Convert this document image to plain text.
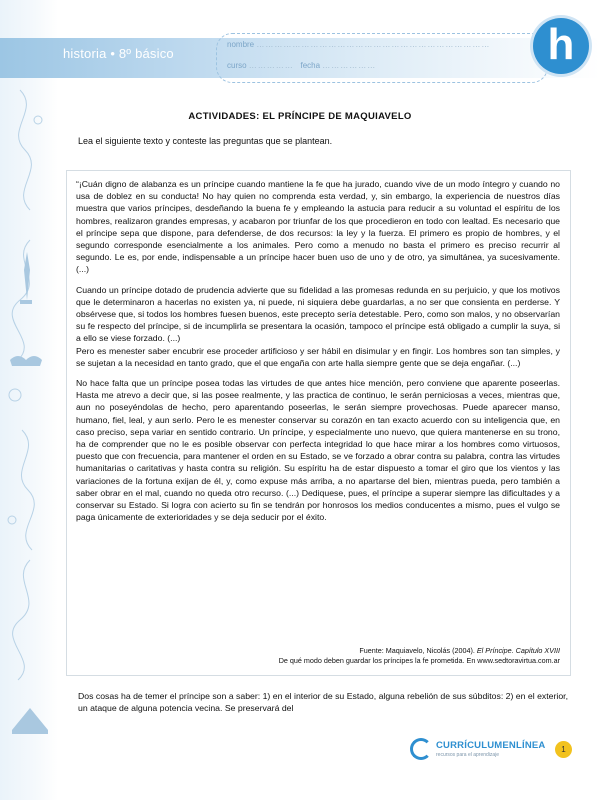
historia • 8º básico
nombre ……………………………………………………………………
curso …………… fecha ………………	h
ACTIVIDADES: EL PRÍNCIPE DE MAQUIAVELO
Lea el siguiente texto y conteste las preguntas que se plantean.

“¡Cuán digno de alabanza es un príncipe cuando mantiene la fe que ha jurado, cuando vive de un modo íntegro y cuando no usa de doblez en su conducta! No hay quien no comprenda esta verdad, y, sin embargo, la experiencia de nuestros días muestra que varios príncipes, desdeñando la buena fe y empleando la astucia para reducir a su voluntad el espíritu de los hombres, realizaron grandes empresas, y acabaron por triunfar de los que procedieron en todo con lealtad. Es necesario que el príncipe sepa que dispone, para defenderse, de dos recursos: la ley y la fuerza. El primero es propio de hombres, y el segundo corresponde esencialmente a los animales. Pero como a menudo no basta el primero es preciso recurrir al segundo. Le es, por ende, indispensable a un príncipe hacer buen uso de uno y de otro, ya simultánea, ya sucesivamente. (...)

Cuando un príncipe dotado de prudencia advierte que su fidelidad a las promesas redunda en su perjuicio, y que los motivos que le determinaron a hacerlas no existen ya, ni puede, ni siquiera debe guardarlas, a no ser que consienta en perderse. Y obsérvese que, si todos los hombres fuesen buenos, este precepto sería detestable. Pero, como son malos, y no observarían su fe respecto del príncipe, si de incumplirla se presentara la ocasión, tampoco el príncipe está obligado a cumplir la suya, si a ello se viese forzado. (...)

Pero es menester saber encubrir ese proceder artificioso y ser hábil en disimular y en fingir. Los hombres son tan simples, y se sujetan a la necesidad en tanto grado, que el que engaña con arte halla siempre gente que se deja engañar. (...)

No hace falta que un príncipe posea todas las virtudes de que antes hice mención, pero conviene que aparente poseerlas. Hasta me atrevo a decir que, si las posee realmente, y las practica de continuo, le serán perniciosas a veces, mientras que, aun no poseyéndolas de hecho, pero aparentando poseerlas, le serán siempre provechosas. Puede aparecer manso, humano, fiel, leal, y aun serlo. Pero le es menester conservar su corazón en tan exacto acuerdo con su inteligencia que, en caso preciso, sepa variar en sentido contrario. Un príncipe, y especialmente uno nuevo, que quiera mantenerse en su trono, ha de comprender que no le es posible observar con perfecta integridad lo que hace mirar a los hombres como virtuosos, puesto que con frecuencia, para mantener el orden en su Estado, se ve forzado a obrar contra su palabra, contra las virtudes humanitarias o caritativas y hasta contra su religión. Su espíritu ha de estar dispuesto a tomar el giro que los vientos y las variaciones de la fortuna exijan de él, y, como expuse más arriba, a no apartarse del bien, mientras pueda, pero también a saber obrar en el mal, cuando no queda otro recurso. (...) Dediquese, pues, el príncipe a superar siempre las dificultades y a conservar su Estado. Si logra con acierto su fin se tendrán por honrosos los medios conducentes a mismo, pues el vulgo se paga únicamente de exterioridades y se deja seducir por el éxito.

Fuente: Maquiavelo, Nicolás (2004). El Príncipe. Capítulo XVIII
De qué modo deben guardar los príncipes la fe prometida. En www.sedtoravirtua.com.ar
Dos cosas ha de temer el príncipe son a saber: 1) en el interior de su Estado, alguna rebelión de sus súbditos: 2) en el exterior, un ataque de alguna potencia vecina. Se preservará del
CURRÍCULUMENLÍNEA
recursos para el aprendizaje
1
